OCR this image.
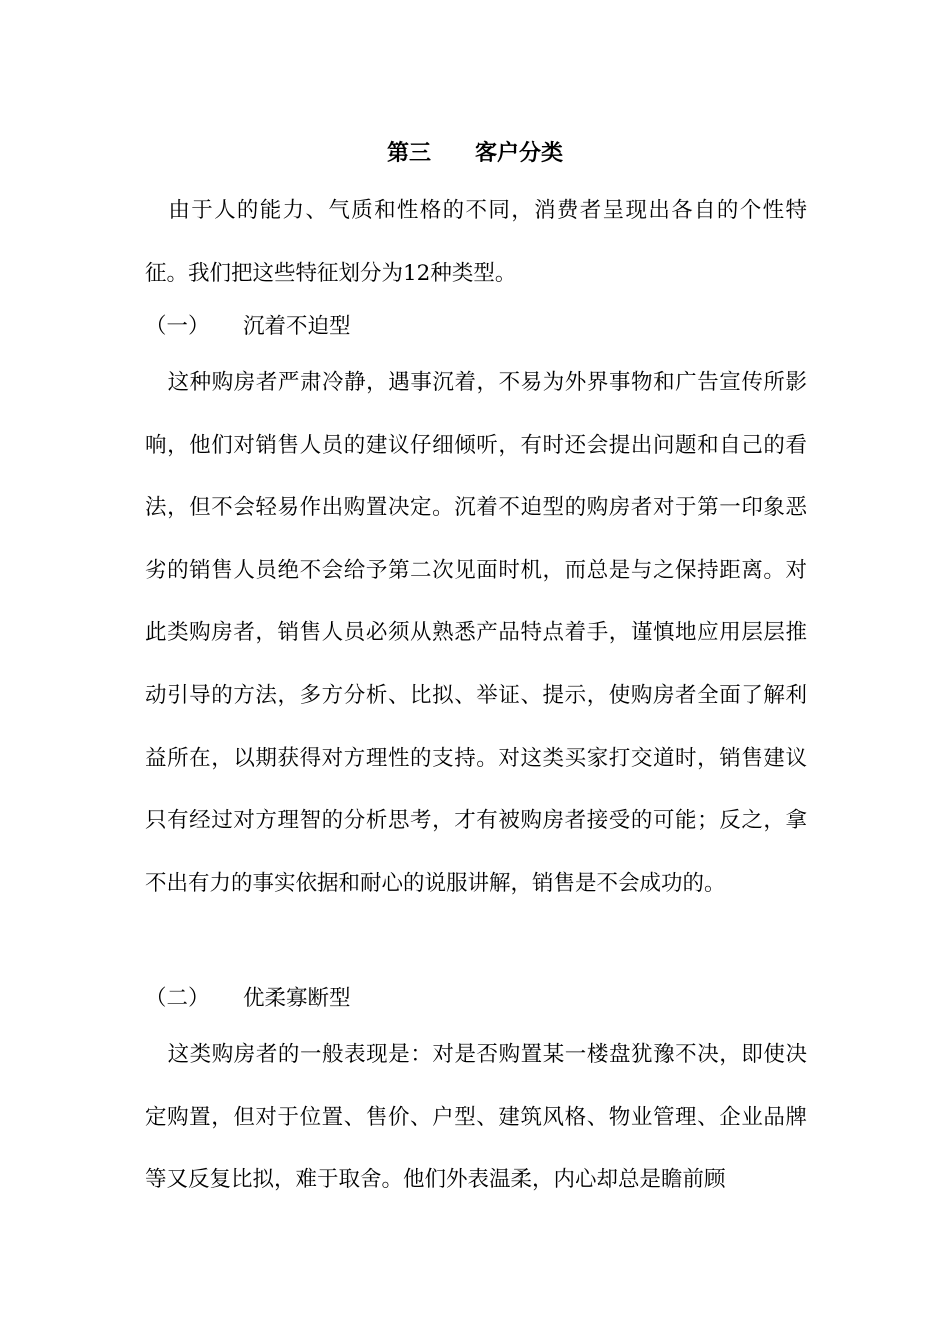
第三　　客户分类

由于人的能力、气质和性格的不同，消费者呈现出各自的个性特征。我们把这些特征划分为12种类型。

（一） 沉着不迫型

这种购房者严肃冷静，遇事沉着，不易为外界事物和广告宣传所影响，他们对销售人员的建议仔细倾听，有时还会提出问题和自己的看法，但不会轻易作出购置决定。沉着不迫型的购房者对于第一印象恶劣的销售人员绝不会给予第二次见面时机，而总是与之保持距离。对此类购房者，销售人员必须从熟悉产品特点着手，谨慎地应用层层推动引导的方法，多方分析、比拟、举证、提示，使购房者全面了解利益所在，以期获得对方理性的支持。对这类买家打交道时，销售建议只有经过对方理智的分析思考，才有被购房者接受的可能；反之，拿不出有力的事实依据和耐心的说服讲解，销售是不会成功的。

（二） 优柔寡断型

这类购房者的一般表现是：对是否购置某一楼盘犹豫不决，即使决定购置，但对于位置、售价、户型、建筑风格、物业管理、企业品牌等又反复比拟，难于取舍。他们外表温柔，内心却总是瞻前顾
